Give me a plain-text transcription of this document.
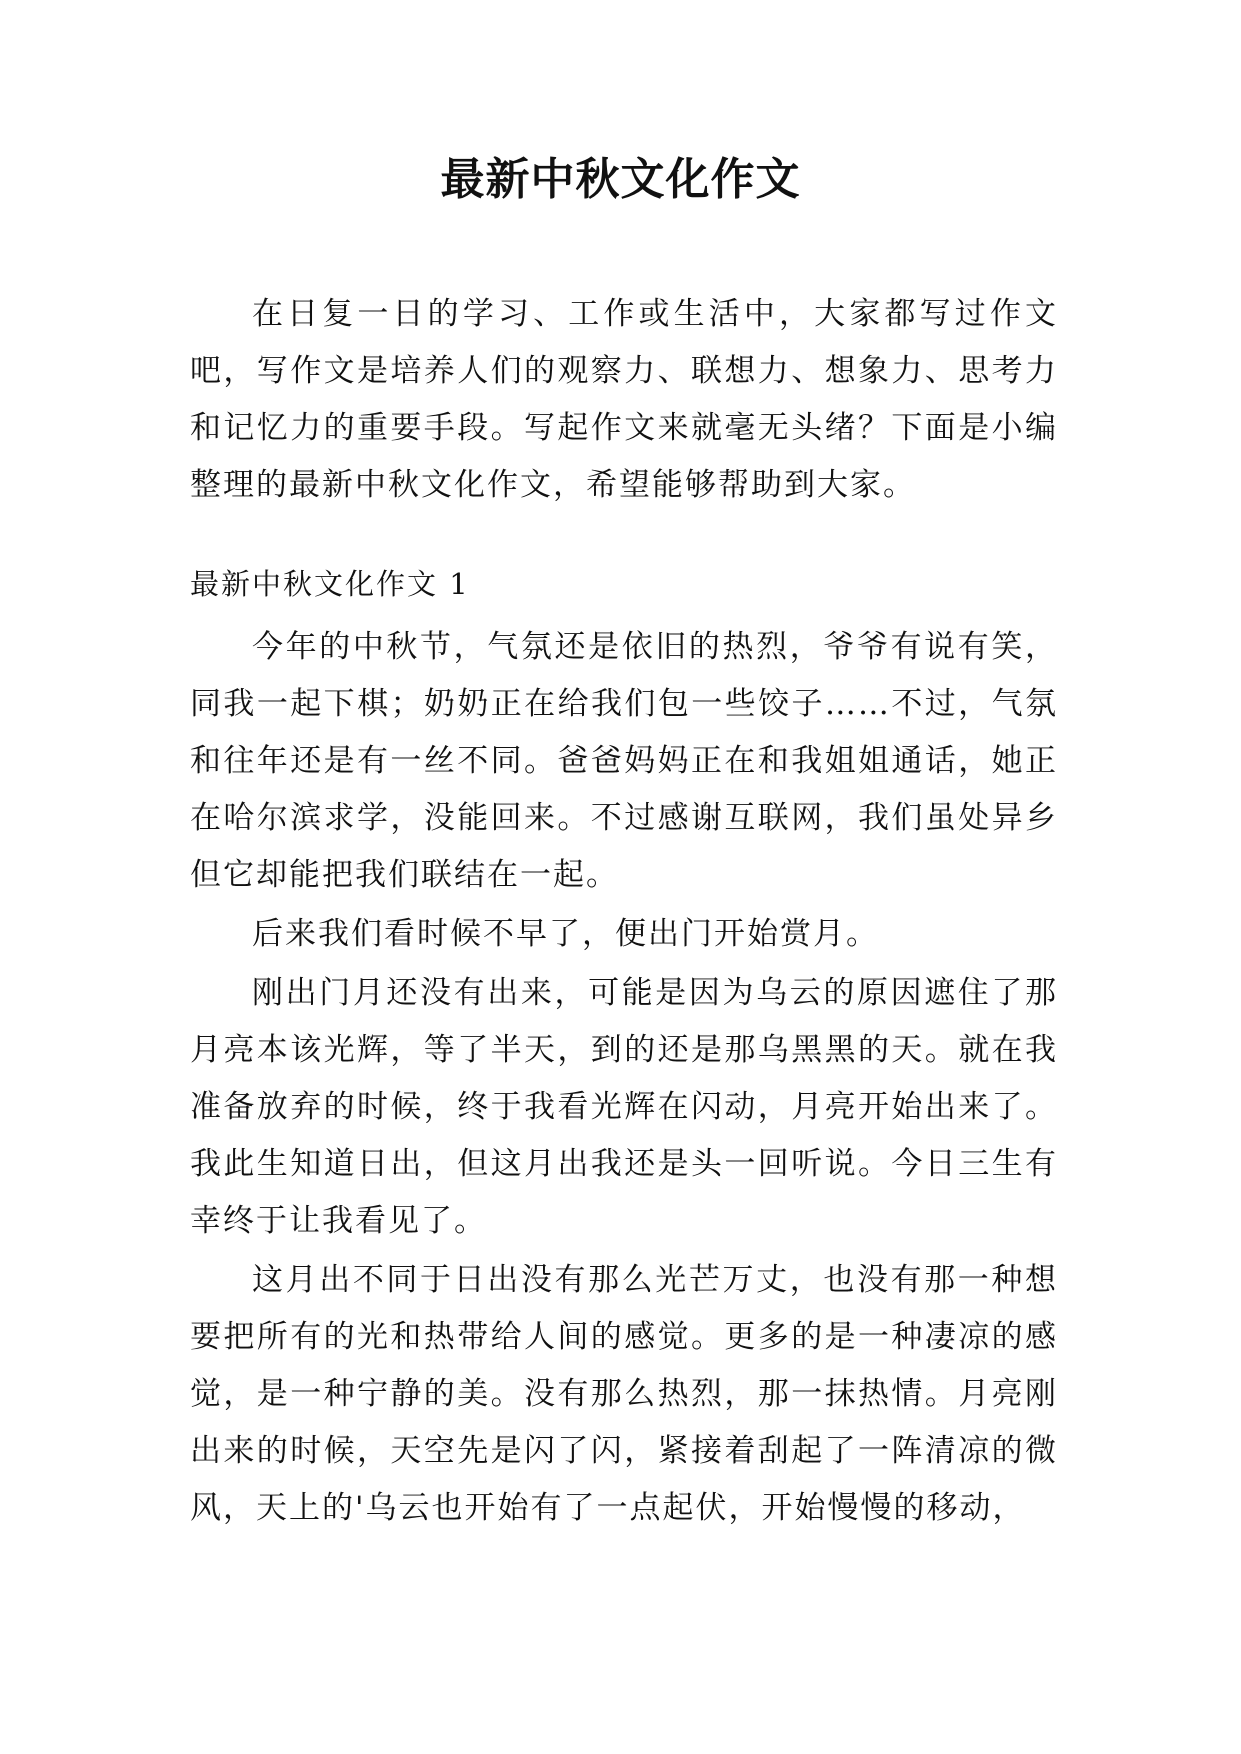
最新中秋文化作文

在日复一日的学习、工作或生活中，大家都写过作文吧，写作文是培养人们的观察力、联想力、想象力、思考力和记忆力的重要手段。写起作文来就毫无头绪？下面是小编整理的最新中秋文化作文，希望能够帮助到大家。

最新中秋文化作文 1

今年的中秋节，气氛还是依旧的热烈，爷爷有说有笑，同我一起下棋；奶奶正在给我们包一些饺子……不过，气氛和往年还是有一丝不同。爸爸妈妈正在和我姐姐通话，她正在哈尔滨求学，没能回来。不过感谢互联网，我们虽处异乡但它却能把我们联结在一起。

后来我们看时候不早了，便出门开始赏月。

刚出门月还没有出来，可能是因为乌云的原因遮住了那月亮本该光辉，等了半天，到的还是那乌黑黑的天。就在我准备放弃的时候，终于我看光辉在闪动，月亮开始出来了。我此生知道日出，但这月出我还是头一回听说。今日三生有幸终于让我看见了。

这月出不同于日出没有那么光芒万丈，也没有那一种想要把所有的光和热带给人间的感觉。更多的是一种凄凉的感觉，是一种宁静的美。没有那么热烈，那一抹热情。月亮刚出来的时候，天空先是闪了闪，紧接着刮起了一阵清凉的微风，天上的'乌云也开始有了一点起伏，开始慢慢的移动，
